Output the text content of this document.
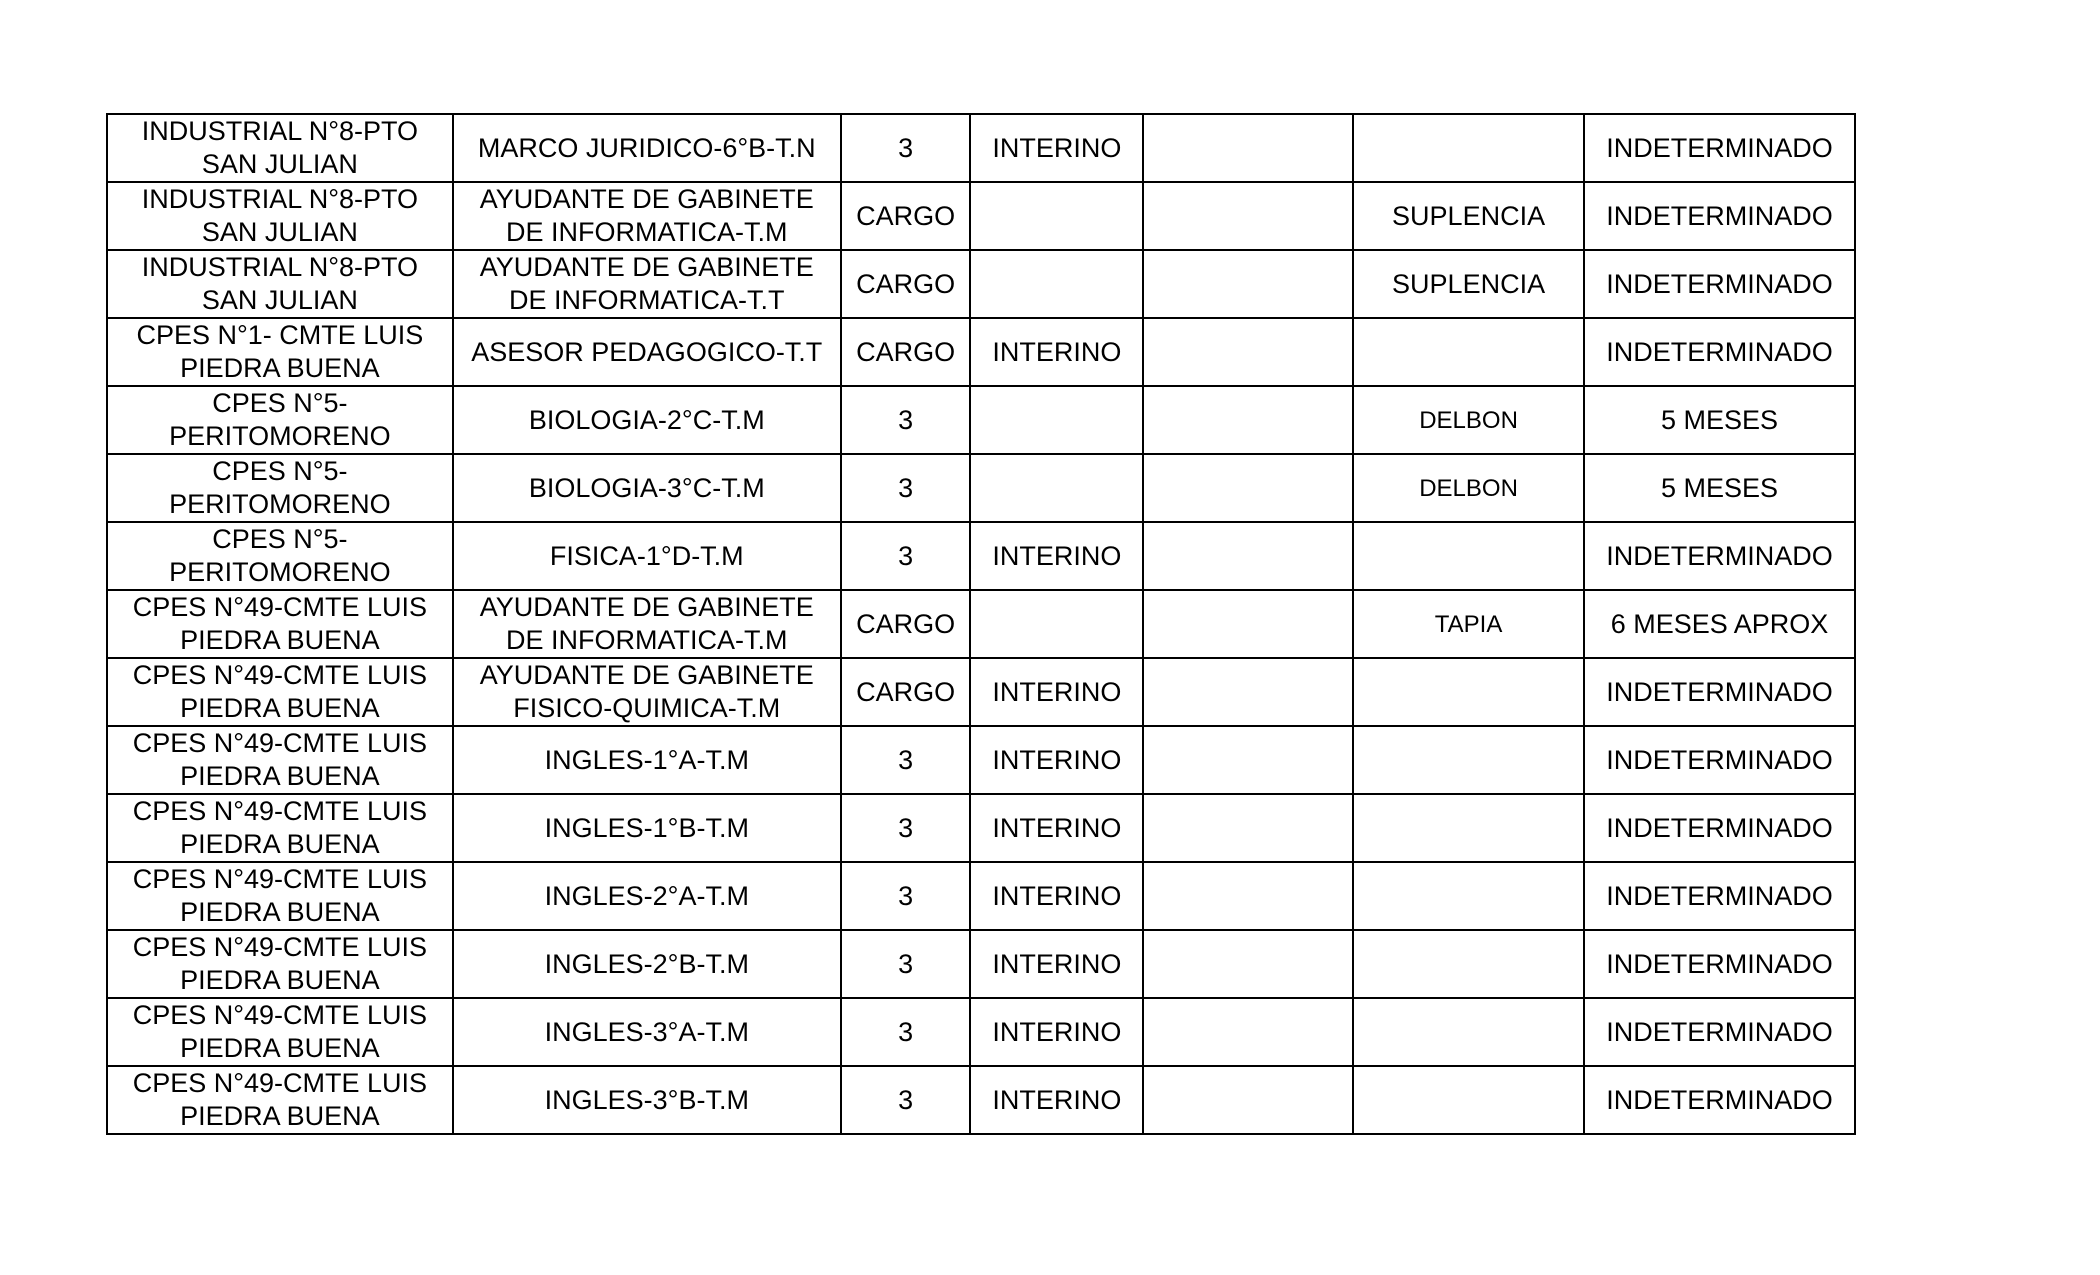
INDUSTRIAL N°8-PTO SAN JULIAN	MARCO JURIDICO-6°B-T.N	3	INTERINO			INDETERMINADO
INDUSTRIAL N°8-PTO SAN JULIAN	AYUDANTE DE GABINETE DE INFORMATICA-T.M	CARGO			SUPLENCIA	INDETERMINADO
INDUSTRIAL N°8-PTO SAN JULIAN	AYUDANTE DE GABINETE DE INFORMATICA-T.T	CARGO			SUPLENCIA	INDETERMINADO
CPES N°1- CMTE LUIS PIEDRA BUENA	ASESOR PEDAGOGICO-T.T	CARGO	INTERINO			INDETERMINADO
CPES N°5-PERITOMORENO	BIOLOGIA-2°C-T.M	3			DELBON	5 MESES
CPES N°5-PERITOMORENO	BIOLOGIA-3°C-T.M	3			DELBON	5 MESES
CPES N°5-PERITOMORENO	FISICA-1°D-T.M	3	INTERINO			INDETERMINADO
CPES N°49-CMTE LUIS PIEDRA BUENA	AYUDANTE DE GABINETE DE INFORMATICA-T.M	CARGO			TAPIA	6 MESES APROX
CPES N°49-CMTE LUIS PIEDRA BUENA	AYUDANTE DE GABINETE FISICO-QUIMICA-T.M	CARGO	INTERINO			INDETERMINADO
CPES N°49-CMTE LUIS PIEDRA BUENA	INGLES-1°A-T.M	3	INTERINO			INDETERMINADO
CPES N°49-CMTE LUIS PIEDRA BUENA	INGLES-1°B-T.M	3	INTERINO			INDETERMINADO
CPES N°49-CMTE LUIS PIEDRA BUENA	INGLES-2°A-T.M	3	INTERINO			INDETERMINADO
CPES N°49-CMTE LUIS PIEDRA BUENA	INGLES-2°B-T.M	3	INTERINO			INDETERMINADO
CPES N°49-CMTE LUIS PIEDRA BUENA	INGLES-3°A-T.M	3	INTERINO			INDETERMINADO
CPES N°49-CMTE LUIS PIEDRA BUENA	INGLES-3°B-T.M	3	INTERINO			INDETERMINADO
